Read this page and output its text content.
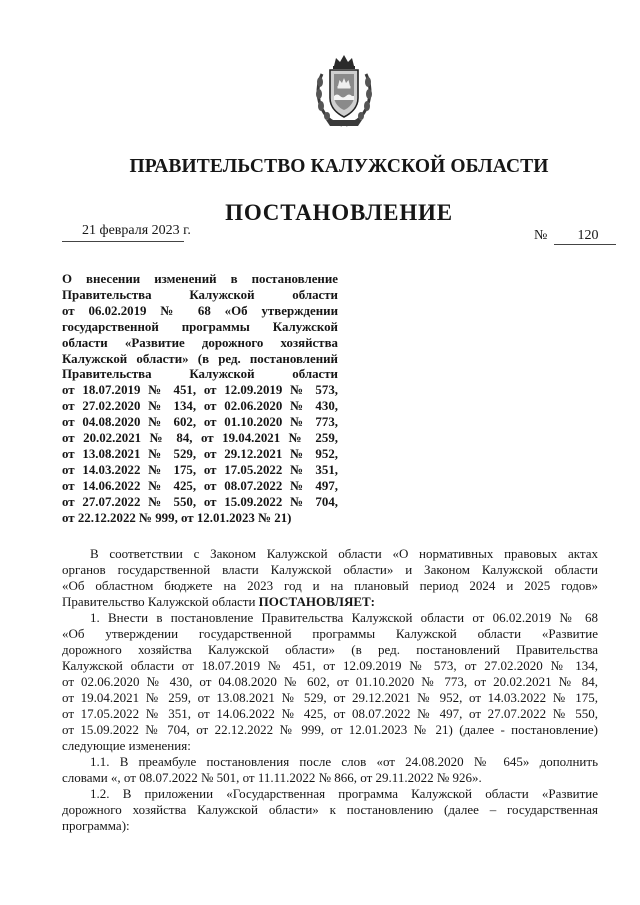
ПРАВИТЕЛЬСТВО КАЛУЖСКОЙ ОБЛАСТИ
ПОСТАНОВЛЕНИЕ
21 февраля 2023 г.	№	120
О внесении изменений в постановление
Правительства Калужской области
от 06.02.2019 № 68 «Об утверждении
государственной программы Калужской
области «Развитие дорожного хозяйства
Калужской области» (в ред. постановлений
Правительства Калужской области
от 18.07.2019 № 451, от 12.09.2019 № 573,
от 27.02.2020 № 134, от 02.06.2020 № 430,
от 04.08.2020 № 602, от 01.10.2020 № 773,
от 20.02.2021 № 84, от 19.04.2021 № 259,
от 13.08.2021 № 529, от 29.12.2021 № 952,
от 14.03.2022 № 175, от 17.05.2022 № 351,
от 14.06.2022 № 425, от 08.07.2022 № 497,
от 27.07.2022 № 550, от 15.09.2022 № 704,
от 22.12.2022 № 999, от 12.01.2023 № 21)
В соответствии с Законом Калужской области «О нормативных правовых актах
органов государственной власти Калужской области» и Законом Калужской области
«Об областном бюджете на 2023 год и на плановый период 2024 и 2025 годов»
Правительство Калужской области ПОСТАНОВЛЯЕТ:
1. Внести в постановление Правительства Калужской области от 06.02.2019 № 68
«Об утверждении государственной программы Калужской области «Развитие
дорожного хозяйства Калужской области» (в ред. постановлений Правительства
Калужской области от 18.07.2019 № 451, от 12.09.2019 № 573, от 27.02.2020 № 134,
от 02.06.2020 № 430, от 04.08.2020 № 602, от 01.10.2020 № 773, от 20.02.2021 № 84,
от 19.04.2021 № 259, от 13.08.2021 № 529, от 29.12.2021 № 952, от 14.03.2022 № 175,
от 17.05.2022 № 351, от 14.06.2022 № 425, от 08.07.2022 № 497, от 27.07.2022 № 550,
от 15.09.2022 № 704, от 22.12.2022 № 999, от 12.01.2023 № 21) (далее - постановление)
следующие изменения:
1.1. В преамбуле постановления после слов «от 24.08.2020 № 645» дополнить
словами «, от 08.07.2022 № 501, от 11.11.2022 № 866, от 29.11.2022 № 926».
1.2. В приложении «Государственная программа Калужской области «Развитие
дорожного хозяйства Калужской области» к постановлению (далее – государственная
программа):
